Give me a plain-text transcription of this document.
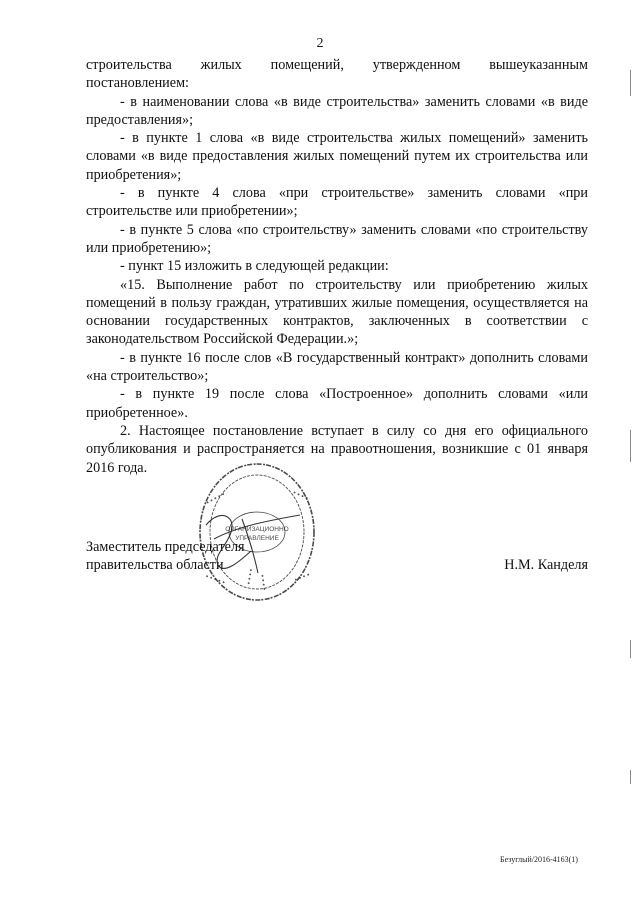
2

строительства жилых помещений, утвержденном вышеуказанным постановлением:

- в наименовании слова «в виде строительства» заменить словами «в виде предоставления»;

- в пункте 1 слова «в виде строительства жилых помещений» заменить словами «в виде предоставления жилых помещений путем их строительства или приобретения»;

- в пункте 4 слова «при строительстве» заменить словами «при строительстве или приобретении»;

- в пункте 5 слова «по строительству» заменить словами «по строительству или приобретению»;

- пункт 15 изложить в следующей редакции:

«15. Выполнение работ по строительству или приобретению жилых помещений в пользу граждан, утративших жилые помещения, осуществляется на основании государственных контрактов, заключенных в соответствии с законодательством Российской Федерации.»;

- в пункте 16 после слов «В государственный контракт» дополнить словами «на строительство»;

- в пункте 19 после слова «Построенное» дополнить словами «или приобретенное».

2. Настоящее постановление вступает в силу со дня его официального опубликования и распространяется на правоотношения, возникшие с 01 января 2016 года.

Заместитель председателя
правительства области	Н.М. Канделя
• • • • •	• • • •
• • • • •	• • • •
• • • • • • • •
ОРГАНИЗАЦИОННО
УПРАВЛЕНИЕ
Безуглый/2016-4163(1)
